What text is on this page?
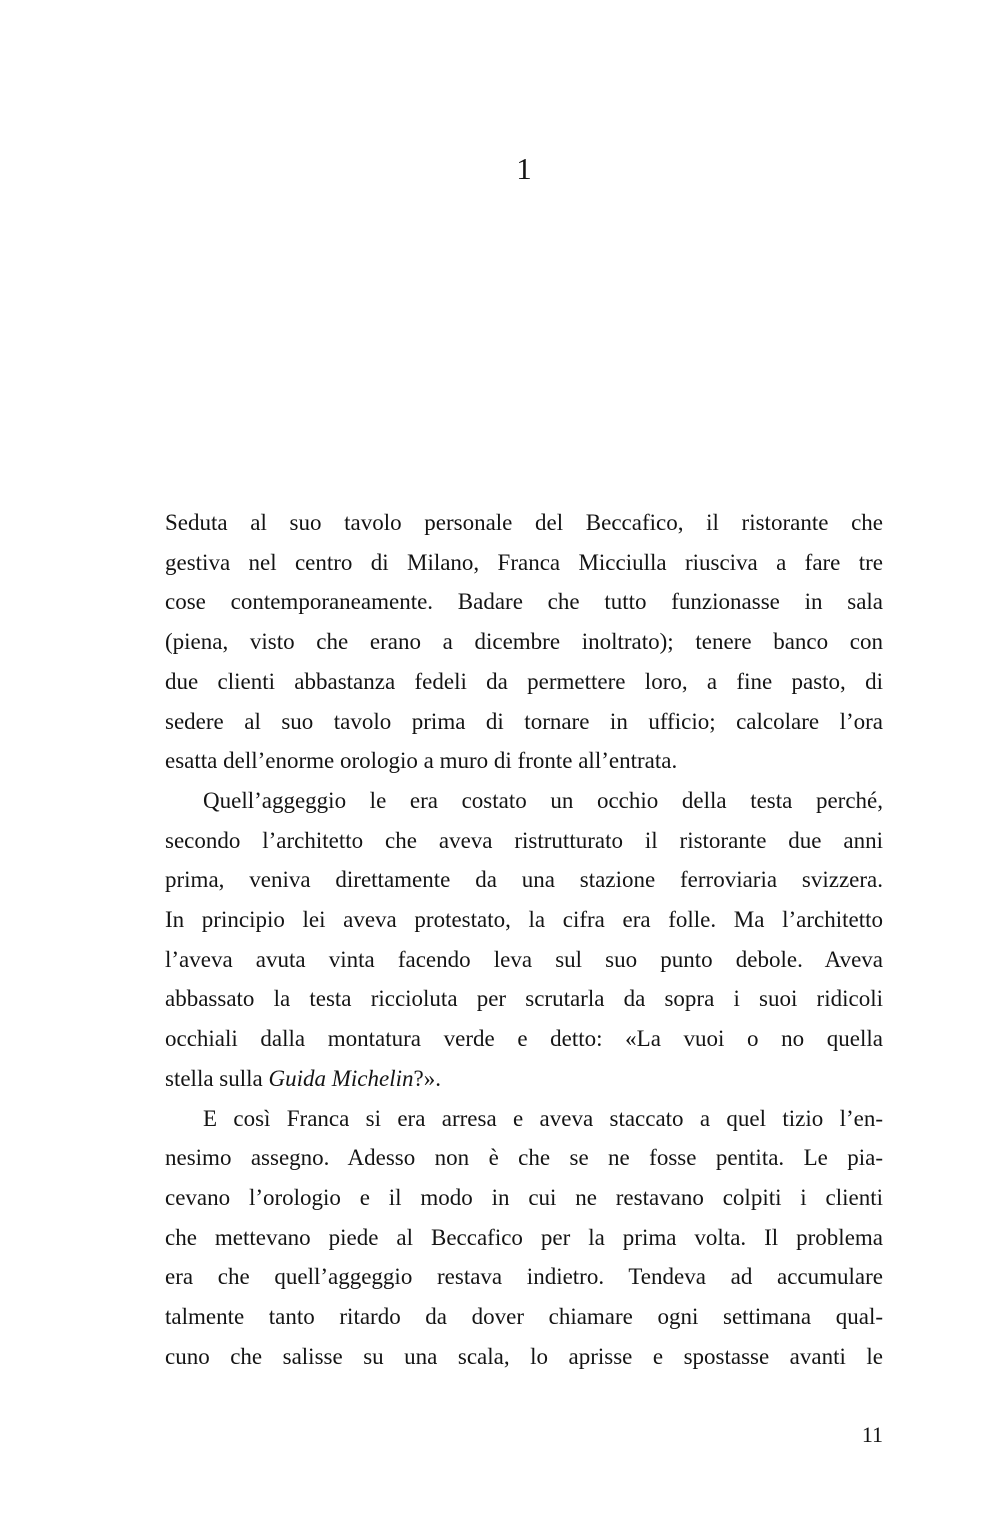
1

Seduta al suo tavolo personale del Beccafico, il ristorante che
gestiva nel centro di Milano, Franca Micciulla riusciva a fare tre
cose contemporaneamente. Badare che tutto funzionasse in sala
(piena, visto che erano a dicembre inoltrato); tenere banco con
due clienti abbastanza fedeli da permettere loro, a fine pasto, di
sedere al suo tavolo prima di tornare in ufficio; calcolare l’ora
esatta dell’enorme orologio a muro di fronte all’entrata.

Quell’aggeggio le era costato un occhio della testa perché,
secondo l’architetto che aveva ristrutturato il ristorante due anni
prima, veniva direttamente da una stazione ferroviaria svizzera.
In principio lei aveva protestato, la cifra era folle. Ma l’architetto
l’aveva avuta vinta facendo leva sul suo punto debole. Aveva
abbassato la testa riccioluta per scrutarla da sopra i suoi ridicoli
occhiali dalla montatura verde e detto: «La vuoi o no quella
stella sulla Guida Michelin?».

E così Franca si era arresa e aveva staccato a quel tizio l’en-
nesimo assegno. Adesso non è che se ne fosse pentita. Le pia-
cevano l’orologio e il modo in cui ne restavano colpiti i clienti
che mettevano piede al Beccafico per la prima volta. Il problema
era che quell’aggeggio restava indietro. Tendeva ad accumulare
talmente tanto ritardo da dover chiamare ogni settimana qual-
cuno che salisse su una scala, lo aprisse e spostasse avanti le

11
